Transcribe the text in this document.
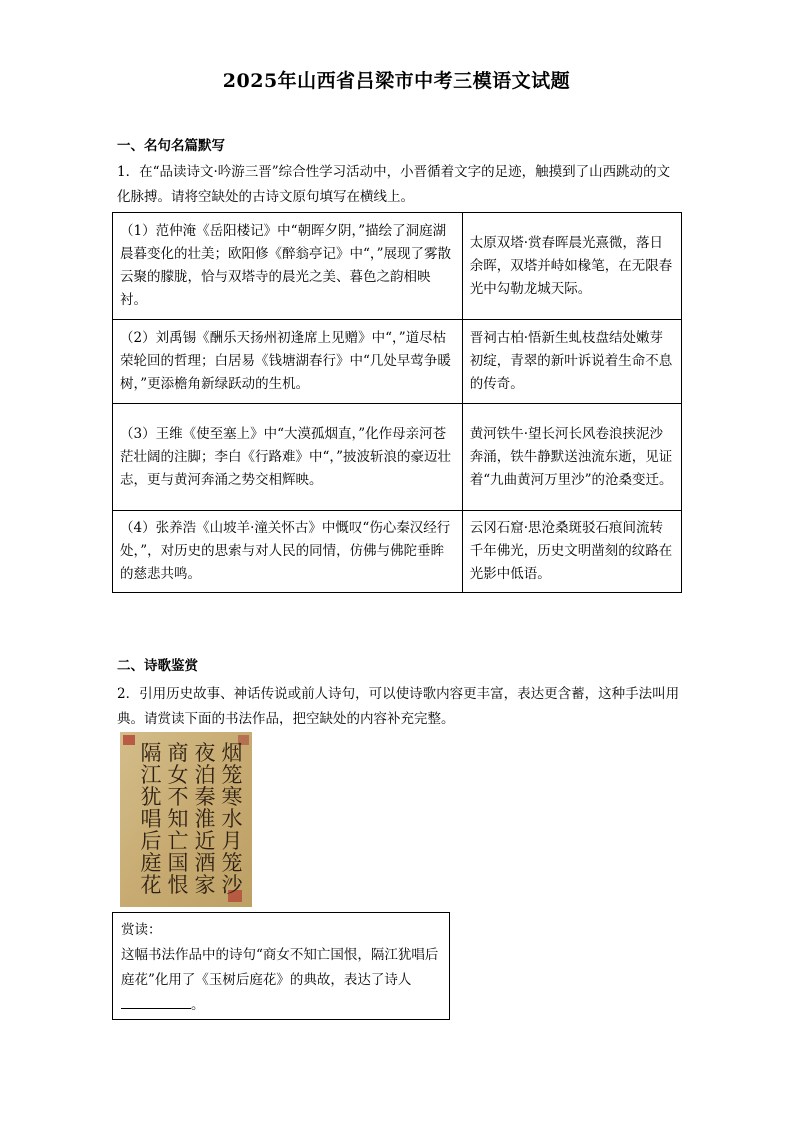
2025年山西省吕梁市中考三模语文试题
一、名句名篇默写
1．在“品读诗文·吟游三晋”综合性学习活动中，小晋循着文字的足迹，触摸到了山西跳动的文化脉搏。请将空缺处的古诗文原句填写在横线上。
（1）范仲淹《岳阳楼记》中“朝晖夕阴，”描绘了洞庭湖晨暮变化的壮美；欧阳修《醉翁亭记》中“，”展现了雾散云聚的朦胧，恰与双塔寺的晨光之美、暮色之韵相映衬。	太原双塔·赏春晖晨光熹微，落日余晖，双塔并峙如椽笔，在无限春光中勾勒龙城天际。
（2）刘禹锡《酬乐天扬州初逢席上见赠》中“，”道尽枯荣轮回的哲理；白居易《钱塘湖春行》中“几处早莺争暖树，”更添檐角新绿跃动的生机。	晋祠古柏·悟新生虬枝盘结处嫩芽初绽，青翠的新叶诉说着生命不息的传奇。
（3）王维《使至塞上》中“大漠孤烟直，”化作母亲河苍茫壮阔的注脚；李白《行路难》中“，”披波斩浪的豪迈壮志，更与黄河奔涌之势交相辉映。	黄河铁牛·望长河长风卷浪挟泥沙奔涌，铁牛静默送浊流东逝，见证着“九曲黄河万里沙”的沧桑变迁。
（4）张养浩《山坡羊·潼关怀古》中慨叹“伤心秦汉经行处，”，对历史的思索与对人民的同情，仿佛与佛陀垂眸的慈悲共鸣。	云冈石窟·思沧桑斑驳石痕间流转千年佛光，历史文明凿刻的纹路在光影中低语。
二、诗歌鉴赏
2．引用历史故事、神话传说或前人诗句，可以使诗歌内容更丰富，表达更含蓄，这种手法叫用典。请赏读下面的书法作品，把空缺处的内容补充完整。
烟
笼
寒
水
月
笼
沙
夜
泊
秦
淮
近
酒
家
商
女
不
知
亡
国
恨
隔
江
犹
唱
后
庭
花
赏读：
这幅书法作品中的诗句“商女不知亡国恨，隔江犹唱后庭花”化用了《玉树后庭花》的典故，表达了诗人
。
